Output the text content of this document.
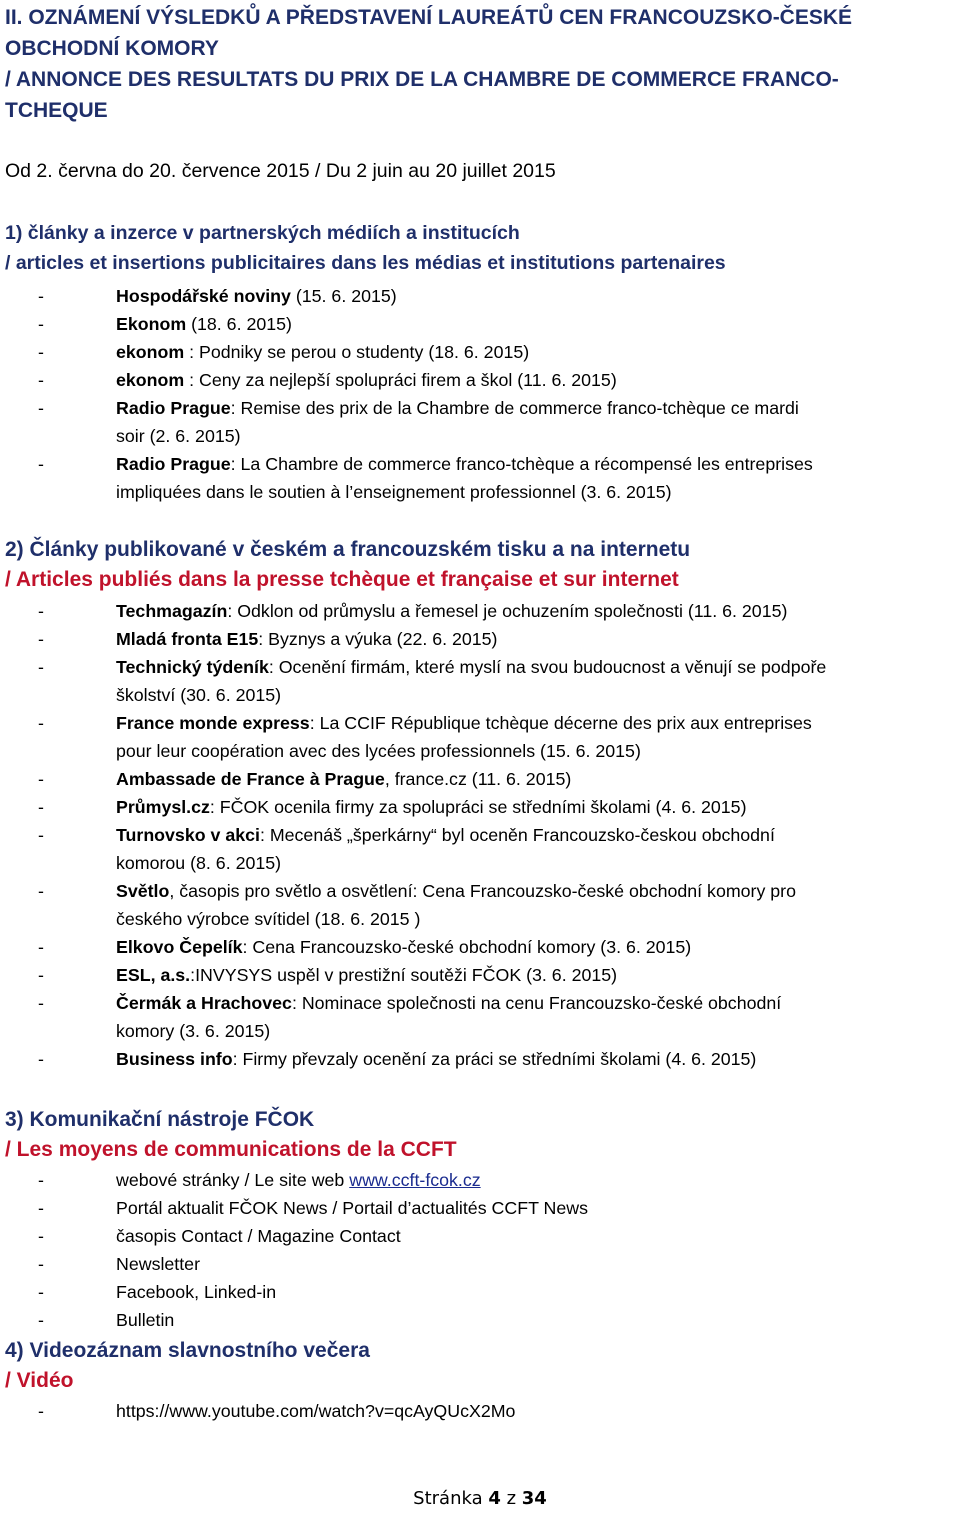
II. OZNÁMENÍ VÝSLEDKŮ A PŘEDSTAVENÍ LAUREÁTŮ CEN FRANCOUZSKO-ČESKÉ
OBCHODNÍ KOMORY
/ ANNONCE DES RESULTATS DU PRIX DE LA CHAMBRE DE COMMERCE FRANCO-
TCHEQUE
Od 2. června do 20. července 2015 / Du 2 juin au 20 juillet 2015
1) články a inzerce v partnerských médiích a institucích
/ articles et insertions publicitaires dans les médias et institutions partenaires
-	Hospodářské noviny (15. 6. 2015)
-	Ekonom (18. 6. 2015)
-	ekonom : Podniky se perou o studenty (18. 6. 2015)
-	ekonom : Ceny za nejlepší spolupráci firem a škol (11. 6. 2015)
-	Radio Prague: Remise des prix de la Chambre de commerce franco-tchèque ce mardi
soir (2. 6. 2015)
-	Radio Prague: La Chambre de commerce franco-tchèque a récompensé les entreprises
impliquées dans le soutien à l’enseignement professionnel (3. 6. 2015)
2) Články publikované v českém a francouzském tisku a na internetu
/ Articles publiés dans la presse tchèque et française et sur internet
-	Techmagazín: Odklon od průmyslu a řemesel je ochuzením společnosti (11. 6. 2015)
-	Mladá fronta E15: Byznys a výuka (22. 6. 2015)
-	Technický týdeník: Ocenění firmám, které myslí na svou budoucnost a věnují se podpoře
školství (30. 6. 2015)
-	France monde express: La CCIF République tchèque décerne des prix aux entreprises
pour leur coopération avec des lycées professionnels (15. 6. 2015)
-	Ambassade de France à Prague, france.cz (11. 6. 2015)
-	Průmysl.cz: FČOK ocenila firmy za spolupráci se středními školami (4. 6. 2015)
-	Turnovsko v akci: Mecenáš „šperkárny“ byl oceněn Francouzsko-českou obchodní
komorou (8. 6. 2015)
-	Světlo, časopis pro světlo a osvětlení: Cena Francouzsko-české obchodní komory pro
českého výrobce svítidel (18. 6. 2015 )
-	Elkovo Čepelík: Cena Francouzsko-české obchodní komory (3. 6. 2015)
-	ESL, a.s.:INVYSYS uspěl v prestižní soutěži FČOK (3. 6. 2015)
-	Čermák a Hrachovec: Nominace společnosti na cenu Francouzsko-české obchodní
komory (3. 6. 2015)
-	Business info: Firmy převzaly ocenění za práci se středními školami (4. 6. 2015)
3) Komunikační nástroje FČOK
/ Les moyens de communications de la CCFT
-	webové stránky / Le site web www.ccft-fcok.cz
-	Portál aktualit FČOK News / Portail d’actualités CCFT News
-	časopis Contact / Magazine Contact
-	Newsletter
-	Facebook, Linked-in
-	Bulletin
4) Videozáznam slavnostního večera
/ Vidéo
-	https://www.youtube.com/watch?v=qcAyQUcX2Mo
Stránka 4 z 34
